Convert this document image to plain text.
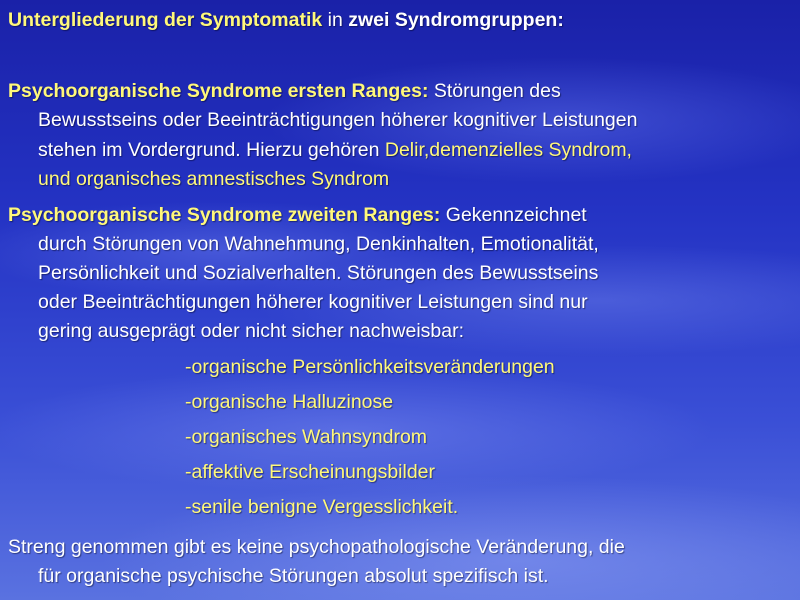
Untergliederung der Symptomatik in zwei Syndromgruppen:
Psychoorganische Syndrome ersten Ranges: Störungen des
Bewusstseins oder Beeinträchtigungen höherer kognitiver Leistungen
stehen im Vordergrund. Hierzu gehören Delir,demenzielles Syndrom,
und organisches amnestisches Syndrom
Psychoorganische Syndrome zweiten Ranges: Gekennzeichnet
durch Störungen von Wahnehmung, Denkinhalten, Emotionalität,
Persönlichkeit und Sozialverhalten. Störungen des Bewusstseins
oder Beeinträchtigungen höherer kognitiver Leistungen sind nur
gering ausgeprägt oder nicht sicher nachweisbar:
-organische Persönlichkeitsveränderungen
-organische Halluzinose
-organisches Wahnsyndrom
-affektive Erscheinungsbilder
-senile benigne Vergesslichkeit.
Streng genommen gibt es keine psychopathologische Veränderung, die
für organische psychische Störungen absolut spezifisch ist.
